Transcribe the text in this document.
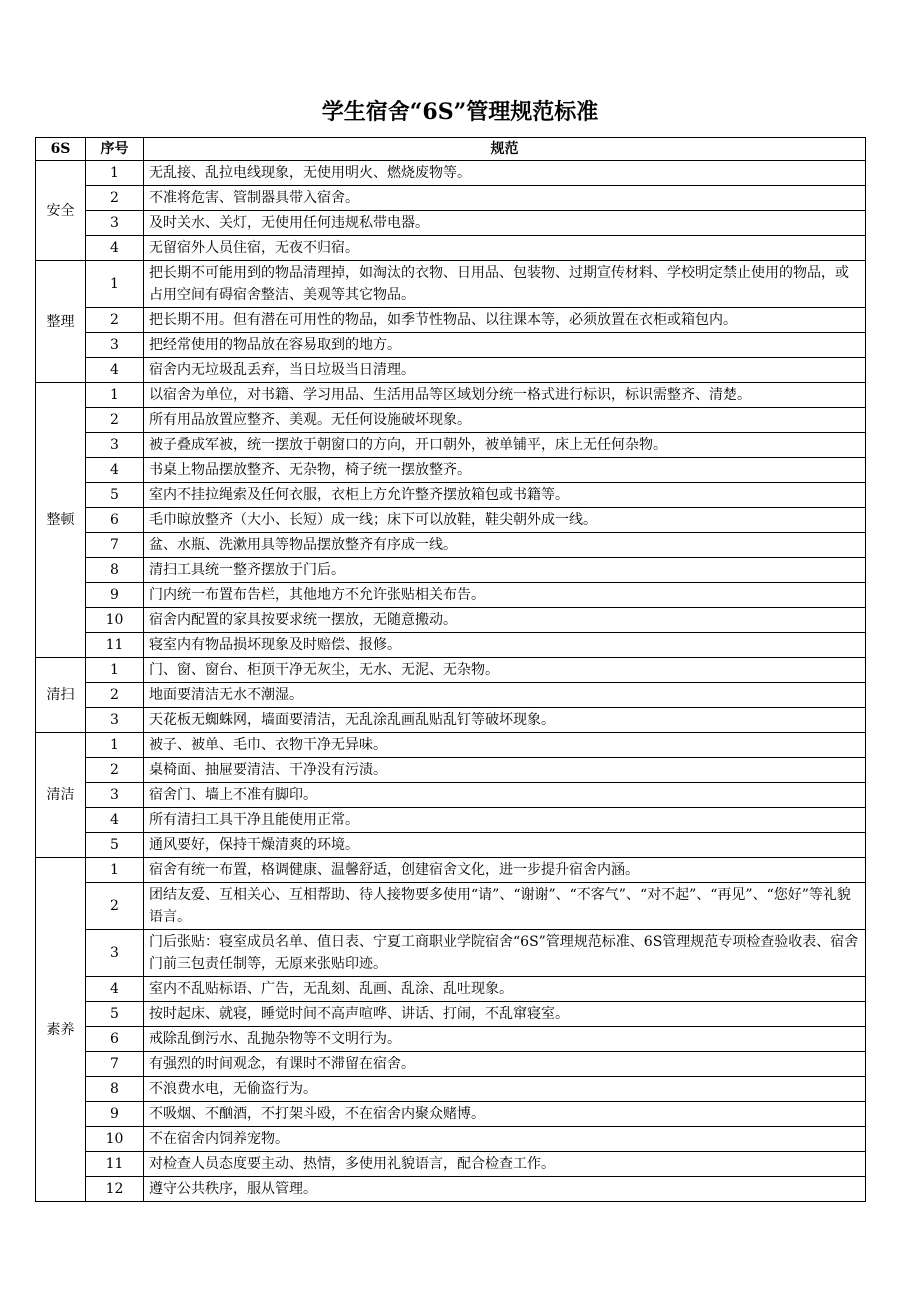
学生宿舍“6S”管理规范标准
6S	序号	规范
安全	1	无乱接、乱拉电线现象，无使用明火、燃烧废物等。
	2	不准将危害、管制器具带入宿舍。
	3	及时关水、关灯，无使用任何违规私带电器。
	4	无留宿外人员住宿，无夜不归宿。
整理	1	把长期不可能用到的物品清理掉，如淘汰的衣物、日用品、包装物、过期宣传材料、学校明定禁止使用的物品，或占用空间有碍宿舍整洁、美观等其它物品。
	2	把长期不用。但有潜在可用性的物品，如季节性物品、以往课本等，必须放置在衣柜或箱包内。
	3	把经常使用的物品放在容易取到的地方。
	4	宿舍内无垃圾乱丢弃，当日垃圾当日清理。
整顿	1	以宿舍为单位，对书籍、学习用品、生活用品等区域划分统一格式进行标识，标识需整齐、清楚。
	2	所有用品放置应整齐、美观。无任何设施破坏现象。
	3	被子叠成军被，统一摆放于朝窗口的方向，开口朝外，被单铺平，床上无任何杂物。
	4	书桌上物品摆放整齐、无杂物，椅子统一摆放整齐。
	5	室内不挂拉绳索及任何衣服，衣柜上方允许整齐摆放箱包或书籍等。
	6	毛巾晾放整齐（大小、长短）成一线；床下可以放鞋，鞋尖朝外成一线。
	7	盆、水瓶、洗漱用具等物品摆放整齐有序成一线。
	8	清扫工具统一整齐摆放于门后。
	9	门内统一布置布告栏，其他地方不允许张贴相关布告。
	10	宿舍内配置的家具按要求统一摆放，无随意搬动。
	11	寝室内有物品损坏现象及时赔偿、报修。
清扫	1	门、窗、窗台、柜顶干净无灰尘，无水、无泥、无杂物。
	2	地面要清洁无水不潮湿。
	3	天花板无蜘蛛网，墙面要清洁，无乱涂乱画乱贴乱钉等破坏现象。
清洁	1	被子、被单、毛巾、衣物干净无异味。
	2	桌椅面、抽屉要清洁、干净没有污渍。
	3	宿舍门、墙上不准有脚印。
	4	所有清扫工具干净且能使用正常。
	5	通风要好，保持干燥清爽的环境。
素养	1	宿舍有统一布置，格调健康、温馨舒适，创建宿舍文化，进一步提升宿舍内涵。
	2	团结友爱、互相关心、互相帮助、待人接物要多使用“请”、“谢谢”、“不客气”、“对不起”、“再见”、“您好”等礼貌语言。
	3	门后张贴：寝室成员名单、值日表、宁夏工商职业学院宿舍“6S”管理规范标准、6S管理规范专项检查验收表、宿舍门前三包责任制等，无原来张贴印迹。
	4	室内不乱贴标语、广告，无乱刻、乱画、乱涂、乱吐现象。
	5	按时起床、就寝，睡觉时间不高声喧哗、讲话、打闹，不乱窜寝室。
	6	戒除乱倒污水、乱抛杂物等不文明行为。
	7	有强烈的时间观念，有课时不滞留在宿舍。
	8	不浪费水电，无偷盗行为。
	9	不吸烟、不酗酒，不打架斗殴，不在宿舍内聚众赌博。
	10	不在宿舍内饲养宠物。
	11	对检查人员态度要主动、热情，多使用礼貌语言，配合检查工作。
	12	遵守公共秩序，服从管理。
